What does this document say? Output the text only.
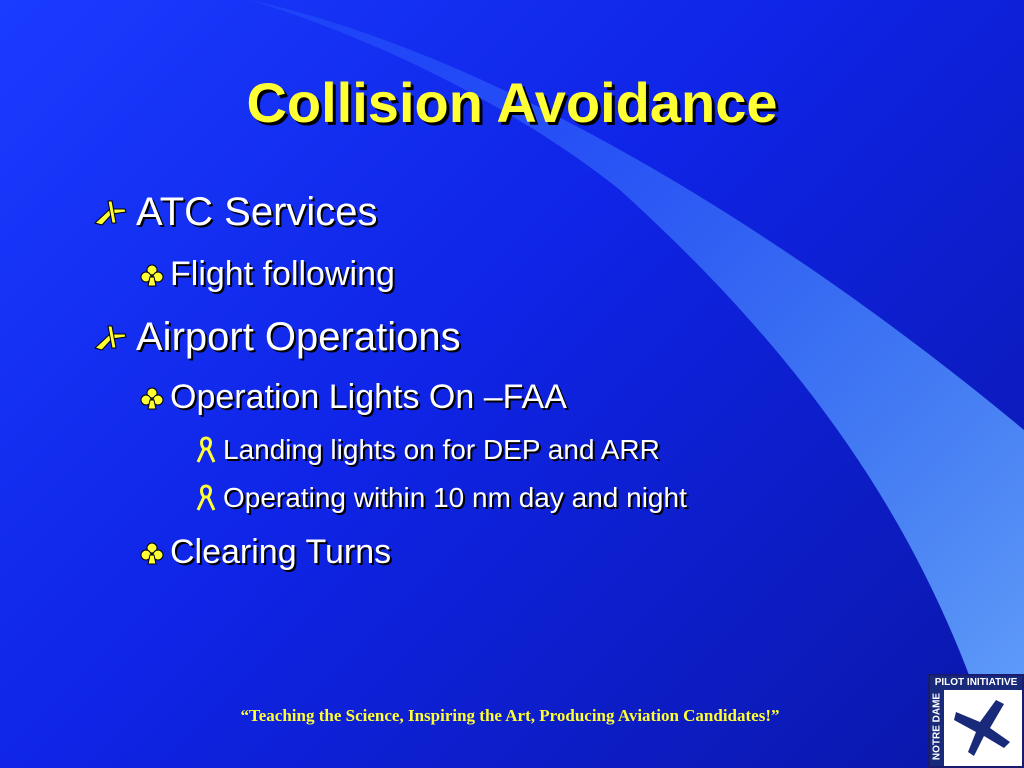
Collision Avoidance
ATC Services
Flight following
Airport Operations
Operation Lights On –FAA
Landing lights on for DEP and ARR
Operating within 10 nm day and night
Clearing Turns
“Teaching the Science, Inspiring the Art, Producing Aviation Candidates!”
PILOT INITIATIVE
NOTRE DAME
